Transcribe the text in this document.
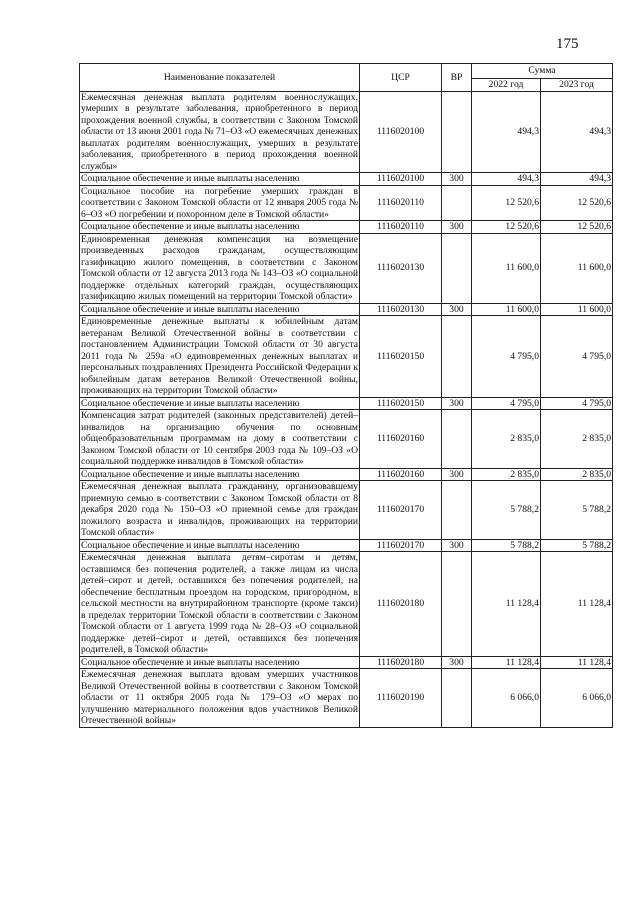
175
Наименование показателей	ЦСР	ВР	Сумма	
			2022 год	2023 год
Ежемесячная денежная выплата родителям военнослужащих, умерших в результате заболевания, приобретенного в период прохождения военной службы, в соответствии с Законом Томской области от 13 июня 2001 года № 71–ОЗ «О ежемесячных денежных выплатах родителям военнослужащих, умерших в результате заболевания, приобретенного в период прохождения военной службы»	1116020100		494,3	494,3
Социальное обеспечение и иные выплаты населению	1116020100	300	494,3	494,3
Социальное пособие на погребение умерших граждан в соответствии с Законом Томской области от 12 января 2005 года № 6–ОЗ «О погребении и похоронном деле в Томской области»	1116020110		12 520,6	12 520,6
Социальное обеспечение и иные выплаты населению	1116020110	300	12 520,6	12 520,6
Единовременная денежная компенсация на возмещение произведенных расходов гражданам, осуществляющим газификацию жилого помещения, в соответствии с Законом Томской области от 12 августа 2013 года № 143–ОЗ «О социальной поддержке отдельных категорий граждан, осуществляющих газификацию жилых помещений на территории Томской области»	1116020130		11 600,0	11 600,0
Социальное обеспечение и иные выплаты населению	1116020130	300	11 600,0	11 600,0
Единовременные денежные выплаты к юбилейным датам ветеранам Великой Отечественной войны в соответствии с постановлением Администрации Томской области от 30 августа 2011 года № 259а «О единовременных денежных выплатах и персональных поздравлениях Президента Российской Федерации к юбилейным датам ветеранов Великой Отечественной войны, проживающих на территории Томской области»	1116020150		4 795,0	4 795,0
Социальное обеспечение и иные выплаты населению	1116020150	300	4 795,0	4 795,0
Компенсация затрат родителей (законных представителей) детей–инвалидов на организацию обучения по основным общеобразовательным программам на дому в соответствии с Законом Томской области от 10 сентября 2003 года № 109–ОЗ «О социальной поддержке инвалидов в Томской области»	1116020160		2 835,0	2 835,0
Социальное обеспечение и иные выплаты населению	1116020160	300	2 835,0	2 835,0
Ежемесячная денежная выплата гражданину, организовавшему приемную семью в соответствии с Законом Томской области от 8 декабря 2020 года № 150–ОЗ «О приемной семье для граждан пожилого возраста и инвалидов, проживающих на территории Томской области»	1116020170		5 788,2	5 788,2
Социальное обеспечение и иные выплаты населению	1116020170	300	5 788,2	5 788,2
Ежемесячная денежная выплата детям–сиротам и детям, оставшимся без попечения родителей, а также лицам из числа детей–сирот и детей, оставшихся без попечения родителей, на обеспечение бесплатным проездом на городском, пригородном, в сельской местности на внутрирайонном транспорте (кроме такси) в пределах территории Томской области в соответствии с Законом Томской области от 1 августа 1999 года № 28–ОЗ «О социальной поддержке детей–сирот и детей, оставшихся без попечения родителей, в Томской области»	1116020180		11 128,4	11 128,4
Социальное обеспечение и иные выплаты населению	1116020180	300	11 128,4	11 128,4
Ежемесячная денежная выплата вдовам умерших участников Великой Отечественной войны в соответствии с Законом Томской области от 11 октября 2005 года № 179–ОЗ «О мерах по улучшению материального положения вдов участников Великой Отечественной войны»	1116020190		6 066,0	6 066,0
